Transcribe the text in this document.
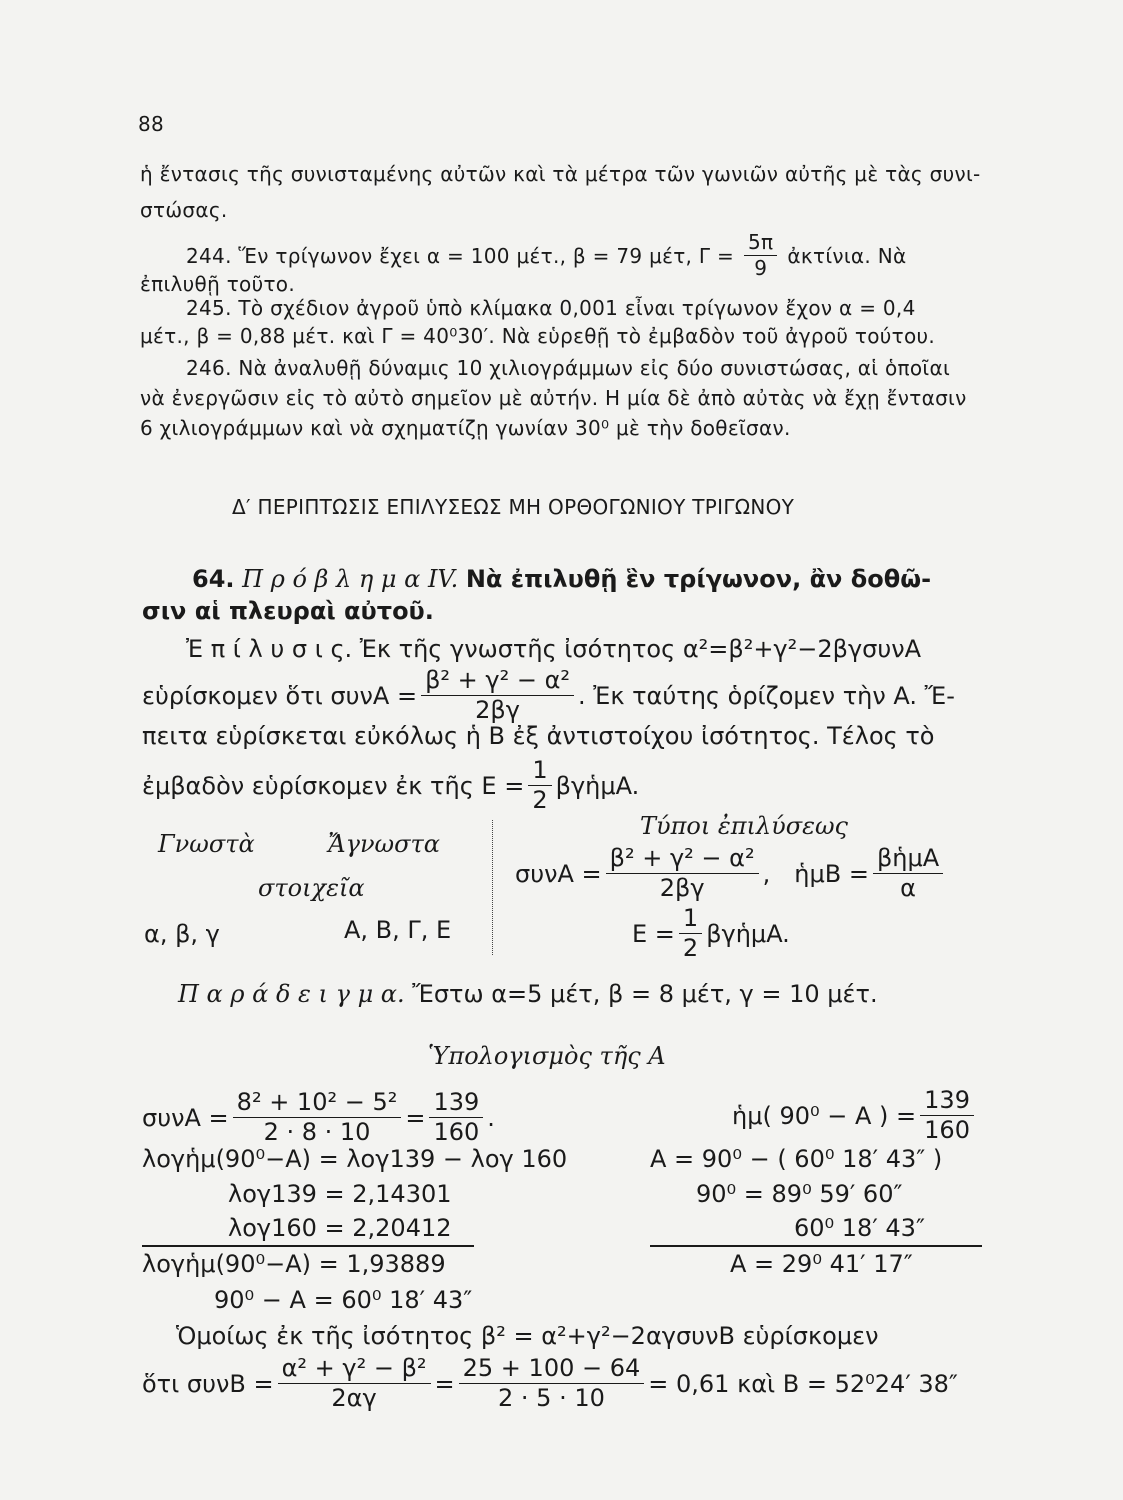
88
ἡ ἔντασις τῆς συνισταμένης αὐτῶν καὶ τὰ μέτρα τῶν γωνιῶν αὐτῆς μὲ τὰς συνι-
στώσας.
244. Ἕν τρίγωνον ἔχει α = 100 μέτ., β = 79 μέτ, $\Gamma = \frac{5\pi}{9}$ ἀκτίνια. Νὰ
ἐπιλυθῇ τοῦτο.
245. Τὸ σχέδιον ἀγροῦ ὑπὸ κλίμακα 0,001 εἶναι τρίγωνον ἔχον α = 0,4
μέτ., β = 0,88 μέτ. καὶ Γ = 40⁰30′. Νὰ εὑρεθῇ τὸ ἐμβαδὸν τοῦ ἀγροῦ τούτου.
246. Νὰ ἀναλυθῇ δύναμις 10 χιλιογράμμων εἰς δύο συνιστώσας, αἱ ὁποῖαι
νὰ ἐνεργῶσιν εἰς τὸ αὐτὸ σημεῖον μὲ αὐτήν. Η μία δὲ ἀπὸ αὐτὰς νὰ ἔχῃ ἔντασιν
6 χιλιογράμμων καὶ νὰ σχηματίζῃ γωνίαν 30⁰ μὲ τὴν δοθεῖσαν.
Δ′ ΠΕΡΙΠΤΩΣΙΣ ΕΠΙΛΥΣΕΩΣ ΜΗ ΟΡΘΟΓΩΝΙΟΥ ΤΡΙΓΩΝΟΥ
64. Π ρ ό β λ η μ α IV. Νὰ ἐπιλυθῇ ἓν τρίγωνον, ἂν δοθῶ-
σιν αἱ πλευραὶ αὐτοῦ.
Ἐ π ί λ υ σ ι ς. Ἐκ τῆς γνωστῆς ἰσότητος α²=β²+γ²−2βγσυνA
εὑρίσκομεν ὅτι $\sigma\upsilon\nu A = \frac{\text{β² + γ² − α²}}{2\beta\gamma}$ . Ἐκ ταύτης ὁρίζομεν τὴν A. Ἔ-
πειτα εὑρίσκεται εὐκόλως ἡ B ἐξ ἀντιστοίχου ἰσότητος. Τέλος τὸ
ἐμβαδὸν εὑρίσκομεν ἐκ τῆς $E = \frac{1}{2}$ βγἡμA.
Γνωστὰ	Ἄγνωστα
στοιχεῖα
Τύποι ἐπιλύσεως
$\sigma\upsilon\nu A = \frac{\text{β² + γ² − α²}}{2\beta\gamma}$ , ἡμB = $\frac{\text{βἡμA}}{\alpha}$
α, β, γ	A, B, Γ, E	$E = \frac{1}{2}$ βγἡμA.
Π α ρ ά δ ε ι γ μ α. Ἔστω α=5 μέτ, β = 8 μέτ, γ = 10 μέτ.
Ὑπολογισμὸς τῆς A
$\sigma\upsilon\nu A = \frac{\text{8² + 10² − 5²}}{2 \cdot 8 \cdot 10} = \frac{139}{160}$ .	ἡμ( 90⁰ − A ) = $\frac{139}{160}$
λογἡμ(90⁰−A) = λογ139 − λογ 160
λογ139 = 2,14301
λογ160 = 2,20412
λογἡμ(90⁰−A) = 1,93889
90⁰ − A = 60⁰ 18′ 43″
A = 90⁰ − ( 60⁰ 18′ 43″ )
90⁰ = 89⁰ 59′ 60″
60⁰ 18′ 43″
A = 29⁰ 41′ 17″
Ὁμοίως ἐκ τῆς ἰσότητος β² = α²+γ²−2αγσυνB εὑρίσκομεν
ὅτι $\sigma\upsilon\nu B = \frac{\text{α² + γ² − β²}}{2\alpha\gamma} = \frac{25 + 100 - 64}{2 \cdot 5 \cdot 10} = 0,61$ καὶ B = 52⁰24′ 38″
